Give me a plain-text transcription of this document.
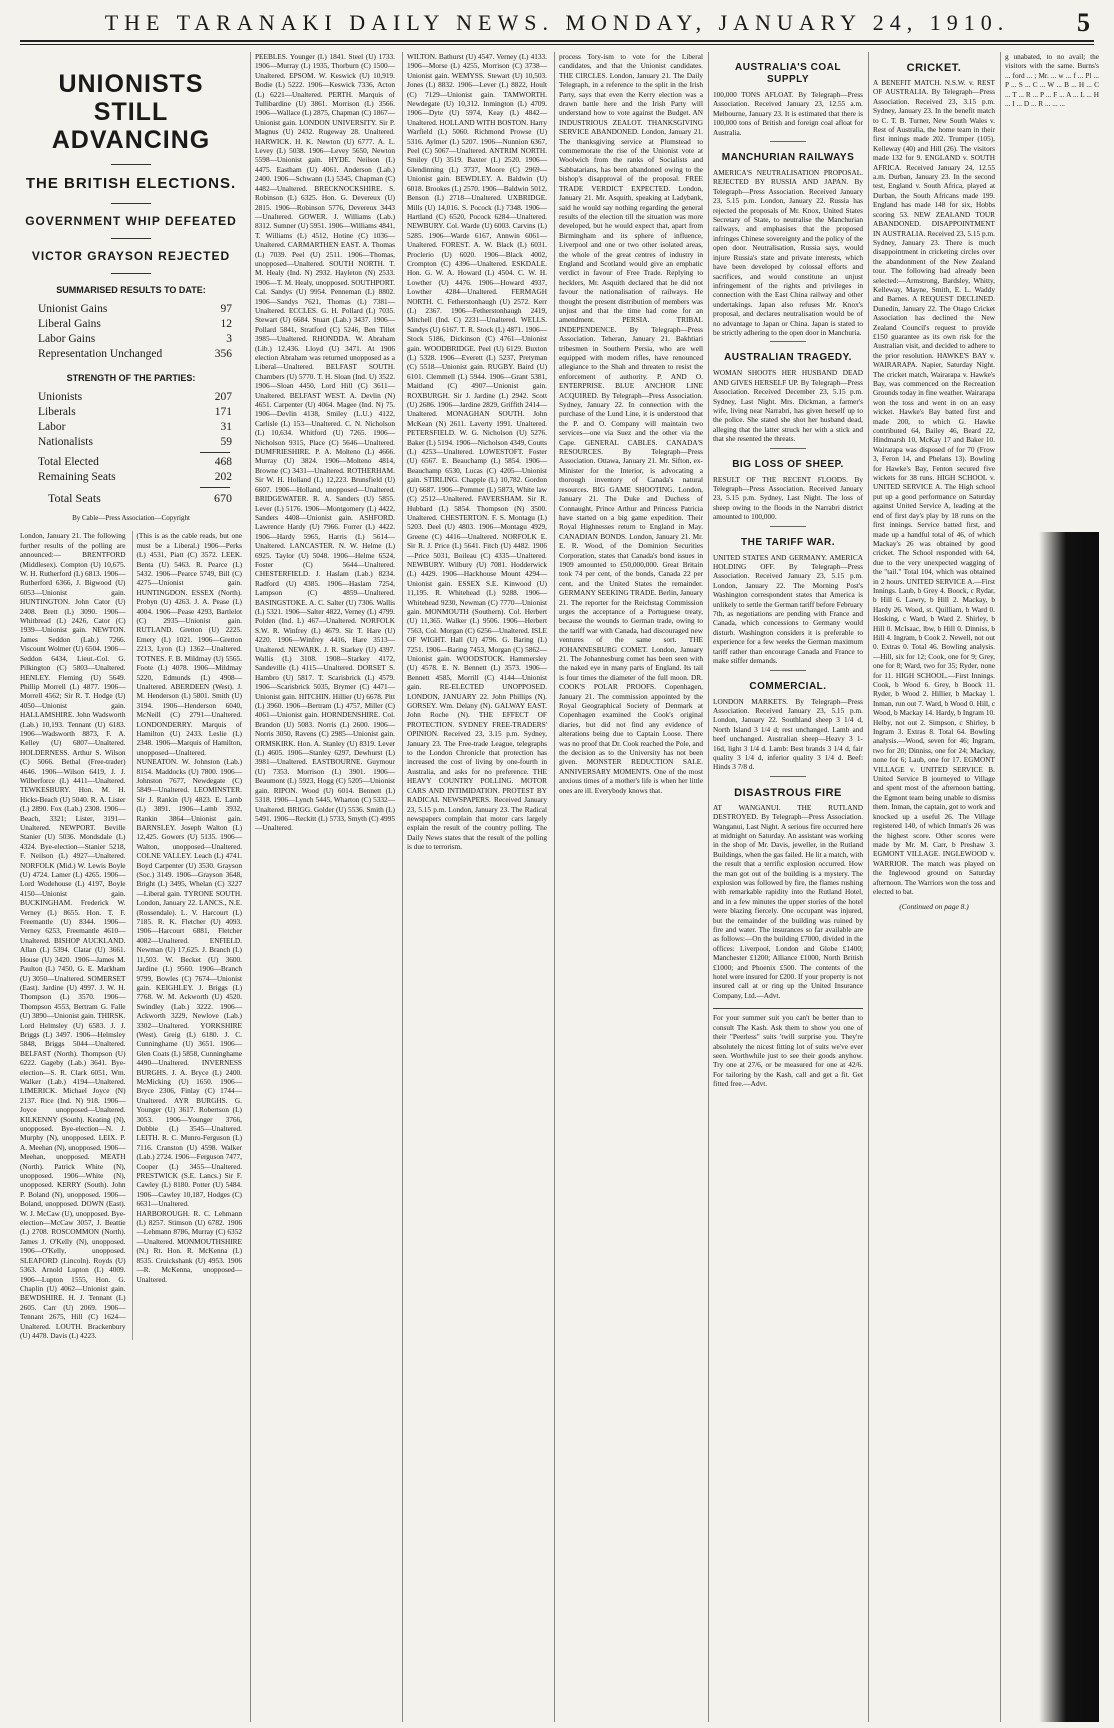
THE TARANAKI DAILY NEWS. MONDAY, JANUARY 24, 1910.	5
UNIONISTS STILL ADVANCING
THE BRITISH ELECTIONS.
GOVERNMENT WHIP DEFEATED
VICTOR GRAYSON REJECTED
SUMMARISED RESULTS TO DATE:
Unionist Gains	97
Liberal Gains	12
Labor Gains	3
Representation Unchanged	356
STRENGTH OF THE PARTIES:
Unionists	207
Liberals	171
Labor	31
Nationalists	59
Total Elected	468
Remaining Seats	202
Total Seats	670
By Cable—Press Association—Copyright

London, January 21. The following further results of the polling are announced:— BRENTFORD (Middlesex). Compton (U) 10,675. W. H. Rutherford (L) 6813. 1906—Rutherford 6366, J. Bigwood (U) 6053—Unionist gain. HUNTINGTON. John Cator (U) 2408. Brett (L) 3090. 1906—Whitbread (L) 2426, Cator (C) 1939—Unionist gain. NEWTON. James Seddon (Lab.) 7266. Viscount Wolmer (U) 6504. 1906—Seddon 6434, Lieut.-Col. G. Pilkington (C) 5803—Unaltered. HENLEY. Fleming (U) 5649. Phillip Morrell (L) 4877. 1906—Morrell 4562; Sir R. T. Hodge (U) 4050—Unionist gain. HALLAMSHIRE. John Wadsworth (Lab.) 10,193. Tennant (U) 6183. 1906—Wadsworth 8873, F. A. Kelley (U) 6807—Unaltered. HOLDERNESS. Arthur S. Wilson (C) 5066. Bethal (Free-trader) 4646. 1906—Wilson 6419, J. J. Wilberforce (L) 4411—Unaltered. TEWKESBURY. Hon. M. H. Hicks-Beach (U) 5040. R. A. Lister (L) 2890. Fox (Lab.) 2308. 1906—Beach, 3321; Lister, 3191—Unaltered. NEWPORT. Beville Stanier (U) 5036. Mondsdale (L) 4324. Bye-election—Stanier 5218, F. Neilson (L) 4927—Unaltered. NORFOLK (Mid.) W. Lewis Boyle (U) 4724. Lamer (L) 4265. 1906—Lord Wodehouse (L) 4197, Boyle 4150—Unionist gain. BUCKINGHAM. Frederick W. Verney (L) 8655. Hon. T. F. Freemantle (U) 8344. 1906—Verney 6253, Freemantle 4610—Unaltered. BISHOP AUCKLAND. Allan (L) 5394. Clatar (U) 3661. House (U) 3420. 1906—James M. Paulton (L) 7450, G. E. Markham (U) 3050—Unaltered. SOMERSET (East). Jardine (U) 4997. J. W. H. Thompson (L) 3570. 1906—Thompson 4553, Bertram G. Falle (U) 3890—Unionist gain. THIRSK. Lord Helmsley (U) 6583. J. J. Briggs (L) 3497. 1906—Helmsley 5848, Briggs 5044—Unaltered. BELFAST (North). Thompson (U) 6222. Gageby (Lab.) 3641. Bye-election—S. R. Clark 6051, Wm. Walker (Lab.) 4194—Unaltered. LIMERICK. Michael Joyce (N) 2137. Rice (Ind. N) 918. 1906—Joyce unopposed—Unaltered. KILKENNY (South). Keating (N), unopposed. Bye-election—N. J. Murphy (N), unopposed. LEIX. P. A. Meehan (N), unopposed. 1906—Meehan, unopposed. MEATH (North). Patrick White (N), unopposed. 1906—White (N), unopposed. KERRY (South). John P. Boland (N), unopposed. 1906—Boland, unopposed. DOWN (East). W. J. McCaw (U), unopposed. Bye-election—McCaw 3057, J. Beattie (L) 2708. ROSCOMMON (North). James J. O'Kelly (N), unopposed. 1906—O'Kelly, unopposed. SLEAFORD (Lincoln). Royds (U) 5363. Arnold Lupton (L) 4009. 1906—Lupton 1555, Hon. G. Chaplin (U) 4062—Unionist gain. BEWDSHIRE. H. J. Tennant (L) 2605. Carr (U) 2069. 1906—Tennant 2675, Hill (C) 1624—Unaltered. LOUTH. Brackenbury (U) 4478. Davis (L) 4223.

(This is as the cable reads, but one must be a Liberal.) 1906—Perks (L) 4531, Piatt (C) 3572. LEEK. Benta (U) 5463. R. Pearce (L) 5432. 1906—Pearce 5749, Bill (C) 4275—Unionist gain. HUNTINGDON. ESSEX (North). Probyn (U) 4263. J. A. Pease (L) 4004. 1906—Pease 4293, Bartlelot (C) 2935—Unionist gain. RUTLAND. Gretton (U) 2225. Emery (L) 1021. 1906—Gretton 2213, Lyon (L) 1362—Unaltered. TOTNES. F. B. Mildmay (U) 5565. Foote (L) 4078. 1906—Mildmay 5220, Edmunds (L) 4908—Unaltered. ABERDEEN (West). J. M. Henderson (L) 5801. Smith (U) 3194. 1906—Henderson 6040, McNeill (C) 2791—Unaltered. LONDONDERRY. Marquis of Hamilton (U) 2433. Leslie (L) 2348. 1906—Marquis of Hamilton, unopposed—Unaltered. NUNEATON. W. Johnston (Lab.) 8154. Maddocks (U) 7800. 1906—Johnston 7677, Newdegate (C) 5849—Unaltered. LEOMINSTER. Sir J. Rankin (U) 4823. E. Lamb (L) 3891. 1906—Lamb 3932, Rankin 3864—Unionist gain. BARNSLEY. Joseph Walton (L) 12,425. Gowers (U) 5135. 1906—Walton, unopposed—Unaltered. COLNE VALLEY. Leach (L) 4741. Boyd Carpenter (U) 3530. Grayson (Soc.) 3149. 1906—Grayson 3648, Bright (L) 3495, Whelan (C) 3227—Liberal gain. TYRONE SOUTH. London, January 22. LANCS., N.E. (Rossendale). L. V. Harcourt (L) 7185. R. K. Fletcher (U) 4093. 1906—Harcourt 6881, Fletcher 4082—Unaltered. ENFIELD. Newman (U) 17,625. J. Branch (L) 11,503. W. Becket (U) 3600. Jardine (L) 9560. 1906—Branch 9799, Bowles (C) 7674—Unionist gain. KEIGHLEY. J. Briggs (L) 7768. W. M. Ackworth (U) 4520. Swindley (Lab.) 3222. 1906—Ackworth 3229, Newlove (Lab.) 3302—Unaltered. YORKSHIRE (West). Greig (L) 6180. J. C. Cunninghame (U) 3651. 1906—Glen Coats (L) 5858, Cunninghame 4490—Unaltered. INVERNESS BURGHS. J. A. Bryce (L) 2400. McMicking (U) 1650. 1906—Bryce 2306, Finlay (C) 1744—Unaltered. AYR BURGHS. G. Younger (U) 3617. Robertson (L) 3053. 1906—Younger 3766, Dobbie (L) 3545—Unaltered. LEITH. R. C. Munro-Ferguson (L) 7116. Cranston (U) 4598. Walker (Lab.) 2724. 1906—Ferguson 7477, Cooper (L) 3455—Unaltered. PRESTWICK (S.E. Lancs.) Sir F. Cawley (L) 8180. Potter (U) 5484. 1906—Cawley 10,187, Hodges (C) 6631—Unaltered. HARBOROUGH. R. C. Lehmann (L) 8257. Stimson (U) 6782. 1906—Lehmann 8786, Murray (C) 6352—Unaltered. MONMOUTHSHIRE (N.) Rt. Hon. R. McKenna (L) 8535. Cruickshank (U) 4953. 1906—R. McKenna, unopposed—Unaltered.

PEEBLES. Younger (L) 1841. Steel (U) 1733. 1906—Murray (L) 1935, Thorburn (C) 1500—Unaltered. EPSOM. W. Keswick (U) 10,919. Bodie (L) 5222. 1906—Keswick 7336, Acton (L) 6221—Unaltered. PERTH. Marquis of Tullibardine (U) 3861. Morrison (L) 3566. 1906—Wallace (L) 2875, Chapman (C) 1867—Unionist gain. LONDON UNIVERSITY. Sir P. Magnus (U) 2432. Rugeway 28. Unaltered. HARWICK. H. K. Newton (U) 6777. A. L. Levey (L) 5038. 1906—Levey 5650, Newton 5598—Unionist gain. HYDE. Neilson (L) 4475. Eastham (U) 4061. Anderson (Lab.) 2400. 1906—Schwann (L) 5345, Chapman (C) 4482—Unaltered. BRECKNOCKSHIRE. S. Robinson (L) 6325. Hon. G. Devereux (U) 2815. 1906—Robinson 5776, Devereux 3443—Unaltered. GOWER. J. Williams (Lab.) 8312. Sumner (U) 5951. 1906—Williams 4841, T. Williams (L) 4512, Hotine (C) 1036—Unaltered. CARMARTHEN EAST. A. Thomas (L) 7039. Peel (U) 2511. 1906—Thomas, unopposed—Unaltered. SOUTH NORTH. T. M. Healy (Ind. N) 2932. Hayleton (N) 2533. 1906—T. M. Healy, unopposed. SOUTHPORT. Cal. Sandys (U) 9954. Penneman (L) 8802. 1906—Sandys 7621, Thomas (L) 7381—Unaltered. ECCLES. G. H. Pollard (L) 7035. Stewart (U) 6684. Stuart (Lab.) 3437. 1906—Pollard 5841, Stratford (C) 5246, Ben Tillet 3985—Unaltered. RHONDDA. W. Abraham (Lib.) 12,436. Lloyd (U) 3471. At 1906 election Abraham was returned unopposed as a Liberal—Unaltered. BELFAST SOUTH. Chambers (U) 5770. T. H. Sloan (Ind. U) 3522. 1906—Sloan 4450, Lord Hill (C) 3611—Unaltered. BELFAST WEST. A. Devlin (N) 4651. Carpenter (U) 4064. Magee (Ind. N) 75. 1906—Devlin 4138, Smiley (L.U.) 4122, Carlisle (L) 153—Unaltered. C. N. Nicholson (L) 10,634. Whitford (U) 7265. 1906—Nicholson 9315, Place (C) 5646—Unaltered. DUMFRIESHIRE. P. A. Molteno (L) 4666. Murray (U) 3824. 1906—Molteno 4814, Browne (C) 3431—Unaltered. ROTHERHAM. Sir W. H. Holland (L) 12,223. Brunsfield (U) 6607. 1906—Holland, unopposed—Unaltered. BRIDGEWATER. R. A. Sanders (U) 5855. Lever (L) 5176. 1906—Montgomery (L) 4422, Sanders 4408—Unionist gain. ASHFORD. Lawrence Hardy (U) 7966. Forrer (L) 4422. 1906—Hardy 5965, Harris (L) 5614—Unaltered. LANCASTER. N. W. Helme (L) 6925. Taylor (U) 5048. 1906—Helme 6524, Foster (C) 5644—Unaltered. CHESTERFIELD. J. Haslam (Lab.) 8234. Radford (U) 4385. 1906—Haslam 7254, Lampson (C) 4859—Unaltered. BASINGSTOKE. A. C. Salter (U) 7306. Wallis (L) 5321. 1906—Salter 4822, Verney (L) 4799. Polden (Ind. L) 467—Unaltered. NORFOLK S.W. R. Winfrey (L) 4679. Sir T. Hare (U) 4220. 1906—Winfrey 4416, Hare 3513—Unaltered. NEWARK. J. R. Starkey (U) 4397. Wallis (L) 3108. 1908—Starkey 4172, Sandeville (L) 4115—Unaltered. DORSET S. Hambro (U) 5817. T. Scarisbrick (L) 4579. 1906—Scarisbrick 5035, Brymer (C) 4471—Unionist gain. HITCHIN. Hillier (U) 6678. Pitt (L) 3960. 1906—Bertram (L) 4757, Miller (C) 4061—Unionist gain. HORNDENSHIRE. Col. Brandon (U) 5083. Norris (L) 2600. 1906—Norris 3050, Ravens (C) 2985—Unionist gain. ORMSKIRK. Hon. A. Stanley (U) 8319. Lever (L) 4605. 1906—Stanley 6297, Dewhurst (L) 3981—Unaltered. EASTBOURNE. Guymour (U) 7353. Morrison (L) 3901. 1906—Beaumont (L) 5923, Hogg (C) 5205—Unionist gain. RIPON. Wood (U) 6014. Bennett (L) 5318. 1906—Lynch 5445, Wharton (C) 5332—Unaltered. BRIGG. Golder (U) 5536. Smith (L) 5491. 1906—Reckitt (L) 5733, Smyth (C) 4995—Unaltered.

WILTON. Bathurst (U) 4547. Verney (L) 4133. 1906—Morse (L) 4255, Morrison (C) 3738—Unionist gain. WEMYSS. Stewart (U) 10,503. Jones (L) 8832. 1906—Lever (L) 8822, Hoult (C) 7129—Unionist gain. TAMWORTH. Newdegate (U) 10,312. Inmington (L) 4709. 1906—Dyte (U) 5974, Keay (L) 4842—Unaltered. HOLLAND WITH BOSTON. Harry Warfield (L) 5060. Richmond Prowse (U) 5316. Aylmer (L) 5207. 1906—Nunnion 6367, Peel (C) 5067—Unaltered. ANTRIM NORTH. Smiley (U) 3519. Baxter (L) 2520. 1906—Glendinning (L) 3737, Moore (C) 2969—Unionist gain. BEWDLEY. A. Baldwin (U) 6018. Brookes (L) 2570. 1906—Baldwin 5012, Benson (L) 2718—Unaltered. UXBRIDGE. Mills (U) 14,016. S. Pocock (L) 7348. 1906—Hartland (C) 6520, Pocock 6284—Unaltered. NEWBURY. Col. Warde (U) 6003. Carvins (L) 5285. 1906—Warde 6167, Annwin 6061—Unaltered. FOREST. A. W. Black (L) 6031. Proclerio (U) 6020. 1906—Black 4002, Crompton (C) 4396—Unaltered. ESKDALE. Hon. G. W. A. Howard (L) 4504. C. W. H. Lowther (U) 4476. 1906—Howard 4937, Lowther 4284—Unaltered. FERMAGH NORTH. C. Fetherstonhaugh (U) 2572. Kerr (L) 2367. 1906—Fetherstonhaugh 2419, Mitchell (Ind. C) 2231—Unaltered. WELLS. Sandys (U) 6167. T. R. Stock (L) 4871. 1906—Stock 5186, Dickinson (C) 4761—Unionist gain. WOODBRIDGE. Peel (U) 6129. Buxton (L) 5328. 1906—Everett (L) 5237, Pretyman (C) 5518—Unionist gain. RUGBY. Baird (U) 6101. Clemmell (L) 5944. 1906—Grant 5381, Maitland (C) 4907—Unionist gain. ROXBURGH. Sir J. Jardine (L) 2942. Scott (U) 2686. 1906—Jardine 2829, Griffith 2414—Unaltered. MONAGHAN SOUTH. John McKean (N) 2611. Laverty 1991. Unaltered. PETERSFIELD. W. G. Nicholson (U) 5276. Baker (L) 5194. 1906—Nicholson 4349, Coutts (L) 4253—Unaltered. LOWESTOFT. Foster (U) 6567. E. Beauchamp (L) 5854. 1906—Beauchamp 6530, Lucas (C) 4205—Unionist gain. STIRLING. Chapple (L) 10,782. Gordon (U) 6687. 1906—Pommer (L) 5873, White law (C) 2512—Unaltered. FAVERSHAM. Sir R. Hubbard (L) 5854. Thompson (N) 3500. Unaltered. CHESTERTON. F. S. Montagu (L) 5203. Deel (U) 4803. 1906—Montagu 4929, Greene (C) 4416—Unaltered. NORFOLK E. Sir R. J. Price (L) 5641. Fitch (U) 4482. 1906—Price 5031, Boileau (C) 4335—Unaltered. NEWBURY. Wilbury (U) 7081. Hodderwick (L) 4429. 1906—Hackhouse Mount 4294—Unionist gain. ESSEX S.E. Kinwood (U) 11,195. R. Whitehead (L) 9288. 1906—Whitehead 9230, Newman (C) 7770—Unionist gain. MONMOUTH (Southern). Col. Herbert (U) 11,365. Walker (L) 9506. 1906—Herbert 7563, Col. Morgan (C) 6256—Unaltered. ISLE OF WIGHT. Hall (U) 4796. G. Baring (L) 7251. 1906—Baring 7453, Morgan (C) 5862—Unionist gain. WOODSTOCK. Hammersley (U) 4578. E. N. Bennett (L) 3573. 1906—Bennett 4585, Morrill (C) 4144—Unionist gain. RE-ELECTED UNOPPOSED. LONDON, JANUARY 22. John Phillips (N). GORSEY. Wm. Delany (N). GALWAY EAST. John Roche (N). THE EFFECT OF PROTECTION. SYDNEY FREE-TRADERS' OPINION. Received 23, 3.15 p.m. Sydney, January 23. The Free-trade League, telegraphs to the London Chronicle that protection has increased the cost of living by one-fourth in Australia, and asks for no preference. THE HEAVY COUNTRY POLLING. MOTOR CARS AND INTIMIDATION. PROTEST BY RADICAL NEWSPAPERS. Received January 23, 5.15 p.m. London, January 23. The Radical newspapers complain that motor cars largely explain the result of the country polling. The Daily News states that the result of the polling is due to terrorism.

process Tory-ism to vote for the Liberal candidates, and that the Unionist candidates. THE CIRCLES. London, January 21. The Daily Telegraph, in a reference to the split in the Irish Party, says that even the Kerry election was a drawn battle here and the Irish Party will understand how to vote against the Budget. AN INDUSTRIOUS ZEALOT. THANKSGIVING SERVICE ABANDONED. London, January 21. The thanksgiving service at Plumstead to commemorate the rise of the Unionist vote at Woolwich from the ranks of Socialists and Sabbatarians, has been abandoned owing to the bishop's disapproval of the proposal. FREE TRADE VERDICT EXPECTED. London, January 21. Mr. Asquith, speaking at Ladybank, said he would say nothing regarding the general results of the election till the situation was more developed, but he would expect that, apart from Birmingham and its sphere of influence, Liverpool and one or two other isolated areas, the whole of the great centres of industry in England and Scotland would give an emphatic verdict in favour of Free Trade. Replying to hecklers, Mr. Asquith declared that he did not favour the nationalisation of railways. He thought the present distribution of members was unjust and that the time had come for an amendment. PERSIA. TRIBAL INDEPENDENCE. By Telegraph—Press Association. Teheran, January 21. Bakhtiari tribesmen in Southern Persia, who are well equipped with modern rifles, have renounced allegiance to the Shah and threaten to resist the enforcement of authority. P. AND O. ENTERPRISE. BLUE ANCHOR LINE ACQUIRED. By Telegraph—Press Association. Sydney, January 22. In connection with the purchase of the Lund Line, it is understood that the P. and O. Company will maintain two services—one via Suez and the other via the Cape. GENERAL CABLES. CANADA'S RESOURCES. By Telegraph—Press Association. Ottawa, January 21. Mr. Sifton, ex-Minister for the Interior, is advocating a thorough inventory of Canada's natural resources. BIG GAME SHOOTING. London, January 21. The Duke and Duchess of Connaught, Prince Arthur and Princess Patricia have started on a big game expedition. Their Royal Highnesses return to England in May. CANADIAN BONDS. London, January 21. Mr. E. R. Wood, of the Dominion Securities Corporation, states that Canada's bond issues in 1909 amounted to £50,000,000. Great Britain took 74 per cent, of the bonds, Canada 22 per cent, and the United States the remainder. GERMANY SEEKING TRADE. Berlin, January 21. The reporter for the Reichstag Commission urges the acceptance of a Portuguese treaty, because the wounds to German trade, owing to the tariff war with Canada, had discouraged new ventures of the same sort. THE JOHANNESBURG COMET. London, January 21. The Johannesburg comet has been seen with the naked eye in many parts of England. Its tail is four times the diameter of the full moon. DR. COOK'S POLAR PROOFS. Copenhagen, January 21. The commission appointed by the Royal Geographical Society of Denmark at Copenhagen examined the Cook's original diaries, but did not find any evidence of alterations being due to Captain Loose. There was no proof that Dr. Cook reached the Pole, and the decision as to the University has not been given. MONSTER REDUCTION SALE. ANNIVERSARY MOMENTS. One of the most anxious times of a mother's life is when her little ones are ill. Everybody knows that.

AUSTRALIA'S COAL SUPPLY

100,000 TONS AFLOAT. By Telegraph—Press Association. Received January 23, 12.55 a.m. Melbourne, January 23. It is estimated that there is 100,000 tons of British and foreign coal afloat for Australia.

MANCHURIAN RAILWAYS

AMERICA'S NEUTRALISATION PROPOSAL. REJECTED BY RUSSIA AND JAPAN. By Telegraph—Press Association. Received January 23, 5.15 p.m. London, January 22. Russia has rejected the proposals of Mr. Knox, United States Secretary of State, to neutralise the Manchurian railways, and emphasises that the proposed infringes Chinese sovereignty and the policy of the open door. Neutralisation, Russia says, would injure Russia's state and private interests, which have been developed by colossal efforts and sacrifices, and would constitute an unjust infringement of the rights and privileges in connection with the East China railway and other undertakings. Japan also refuses Mr. Knox's proposal, and declares neutralisation would be of no advantage to Japan or China. Japan is stated to be strictly adhering to the open door in Manchuria.

AUSTRALIAN TRAGEDY.

WOMAN SHOOTS HER HUSBAND DEAD AND GIVES HERSELF UP. By Telegraph—Press Association. Received December 23, 5.15 p.m. Sydney, Last Night. Mrs. Dickman, a farmer's wife, living near Narrabri, has given herself up to the police. She stated she shot her husband dead, alleging that the latter struck her with a stick and that she resented the threats.

BIG LOSS OF SHEEP.

RESULT OF THE RECENT FLOODS. By Telegraph—Press Association. Received January 23, 5.15 p.m. Sydney, Last Night. The loss of sheep owing to the floods in the Narrabri district amounted to 100,000.

THE TARIFF WAR.

UNITED STATES AND GERMANY. AMERICA HOLDING OFF. By Telegraph—Press Association. Received January 23, 5.15 p.m. London, January 22. The Morning Post's Washington correspondent states that America is unlikely to settle the German tariff before February 7th, as negotiations are pending with France and Canada, which concessions to Germany would disturb. Washington considers it is preferable to experience for a few weeks the German maximum tariff rather than encourage Canada and France to make stiffer demands.

COMMERCIAL.

LONDON MARKETS. By Telegraph—Press Association. Received January 23, 5.15 p.m. London, January 22. Southland sheep 3 1/4 d, North Island 3 1/4 d; rest unchanged. Lamb and beef unchanged. Australian sheep—Heavy 3 1-16d, light 3 1/4 d. Lamb: Best brands 3 1/4 d, fair quality 3 1/4 d, inferior quality 3 1/4 d. Beef: Hinds 3 7/8 d.

DISASTROUS FIRE

AT WANGANUI. THE RUTLAND DESTROYED. By Telegraph—Press Association. Wanganui, Last Night. A serious fire occurred here at midnight on Saturday. An assistant was working in the shop of Mr. Davis, jeweller, in the Rutland Buildings, when the gas failed. He lit a match, with the result that a terrific explosion occurred. How the man got out of the building is a mystery. The explosion was followed by fire, the flames rushing with remarkable rapidity into the Rutland Hotel, and in a few minutes the upper stories of the hotel were blazing fiercely. One occupant was injured, but the remainder of the building was ruined by fire and water. The insurances so far available are as follows:—On the building £7000, divided in the offices: Liverpool, London and Globe £1400; Manchester £1200; Alliance £1000, North British £1000; and Phoenix £500. The contents of the hotel were insured for £200. If your property is not insured call at or ring up the United Insurance Company, Ltd.—Advt.

For your summer suit you can't be better than to consult The Kash. Ask them to show you one of their "Peerless" suits 'twill surprise you. They're absolutely the nicest fitting lot of suits we've ever seen. Worthwhile just to see their goods anyhow. Try one at 27/6, or be measured for one at 42/6. For tailoring by the Kash, call and get a fit. Get fitted free.—Advt.

CRICKET.

A BENEFIT MATCH. N.S.W. v. REST OF AUSTRALIA. By Telegraph—Press Association. Received 23, 3.15 p.m. Sydney, January 23. In the benefit match to C. T. B. Turner, New South Wales v. Rest of Australia, the home team in their first innings made 202. Trumper (105), Kelleway (40) and Hill (26). The visitors made 132 for 9. ENGLAND v. SOUTH AFRICA. Received January 24, 12.55 a.m. Durban, January 23. In the second test, England v. South Africa, played at Durban, the South Africans made 199. England has made 148 for six, Hobbs scoring 53. NEW ZEALAND TOUR ABANDONED. DISAPPOINTMENT IN AUSTRALIA. Received 23, 5.15 p.m. Sydney, January 23. There is much disappointment in cricketing circles over the abandonment of the New Zealand tour. The following had already been selected:—Armstrong, Bardsley, Whitty, Kelleway, Mayne, Smith, E. L. Waddy and Barnes. A REQUEST DECLINED. Dunedin, January 22. The Otago Cricket Association has declined the New Zealand Council's request to provide £150 guarantee as its own risk for the Australian visit, and decided to adhere to the prior resolution. HAWKE'S BAY v. WAIRARAPA. Napier, Saturday Night. The cricket match, Wairarapa v. Hawke's Bay, was commenced on the Recreation Grounds today in fine weather. Wairarapa won the toss and went in on an easy wicket. Hawke's Bay batted first and made 200, to which G. Hawke contributed 64, Bailey 46, Beard 22, Hindmarsh 10, McKay 17 and Baker 10. Wairarapa was disposed of for 70 (Frow 3, Feron 14, and Phelans 13). Bowling for Hawke's Bay, Fenton secured five wickets for 38 runs. HIGH SCHOOL v. UNITED SERVICE A. The High school put up a good performance on Saturday against United Service A, leading at the end of first day's play by 18 runs on the first innings. Service batted first, and made up a handful total of 46, of which Mackay's 26 was obtained by good cricket. The School responded with 64, due to the very unexpected wagging of the "tail." Total 104, which was obtained in 2 hours. UNITED SERVICE A.—First Innings. Laub, b Grey 4. Boock, c Rydar, b Hill 6. Lawry, b Hill 2. Mackay, b Hardy 26. Wood, st. Quilliam, b Ward 0. Hosking, c Ward, b Ward 2. Shirley, b Hill 0. McIsaac, lbw, b Hill 0. Dinniss, b Hill 4. Ingram, b Cook 2. Newell, not out 0. Extras 0. Total 46. Bowling analysis.—Hill, six for 12; Cook, one for 9; Grey, one for 8; Ward, two for 35; Ryder, none for 11. HIGH SCHOOL.—First Innings. Cook, b Wood 6. Grey, b Boock 11. Ryder, b Wood 2. Hillier, b Mackay 1. Inman, run out 7. Ward, b Wood 0. Hill, c Wood, b Mackay 14. Hardy, b Ingram 10. Helby, not out 2. Simpson, c Shirley, b Ingram 3. Extras 8. Total 64. Bowling analysis.—Wood, seven for 46; Ingram, two for 20; Dinniss, one for 24; Mackay, none for 6; Laub, one for 17. EGMONT VILLAGE v. UNITED SERVICE B. United Service B journeyed to Village and spent most of the afternoon batting, the Egmont team being unable to dismiss them. Inman, the captain, got to work and knocked up a useful 26. The Village registered 140, of which Inman's 26 was the highest score. Other scores were made by Mr. M. Carr, b Preshaw 3. EGMONT VILLAGE. INGLEWOOD v. WARRIOR. The match was played on the Inglewood ground on Saturday afternoon. The Warriors won the toss and elected to bat.

(Continued on page 8.)

g unabated, to no avail; the visitors with the same. Burns's ... ford ... ; Mr. ... w ... f ... Pl ... P ... S ... C ... W ... B ... H ... C ... T ... R ... P ... F ... A ... L ... H ... I ... D ... R ... ... ...
